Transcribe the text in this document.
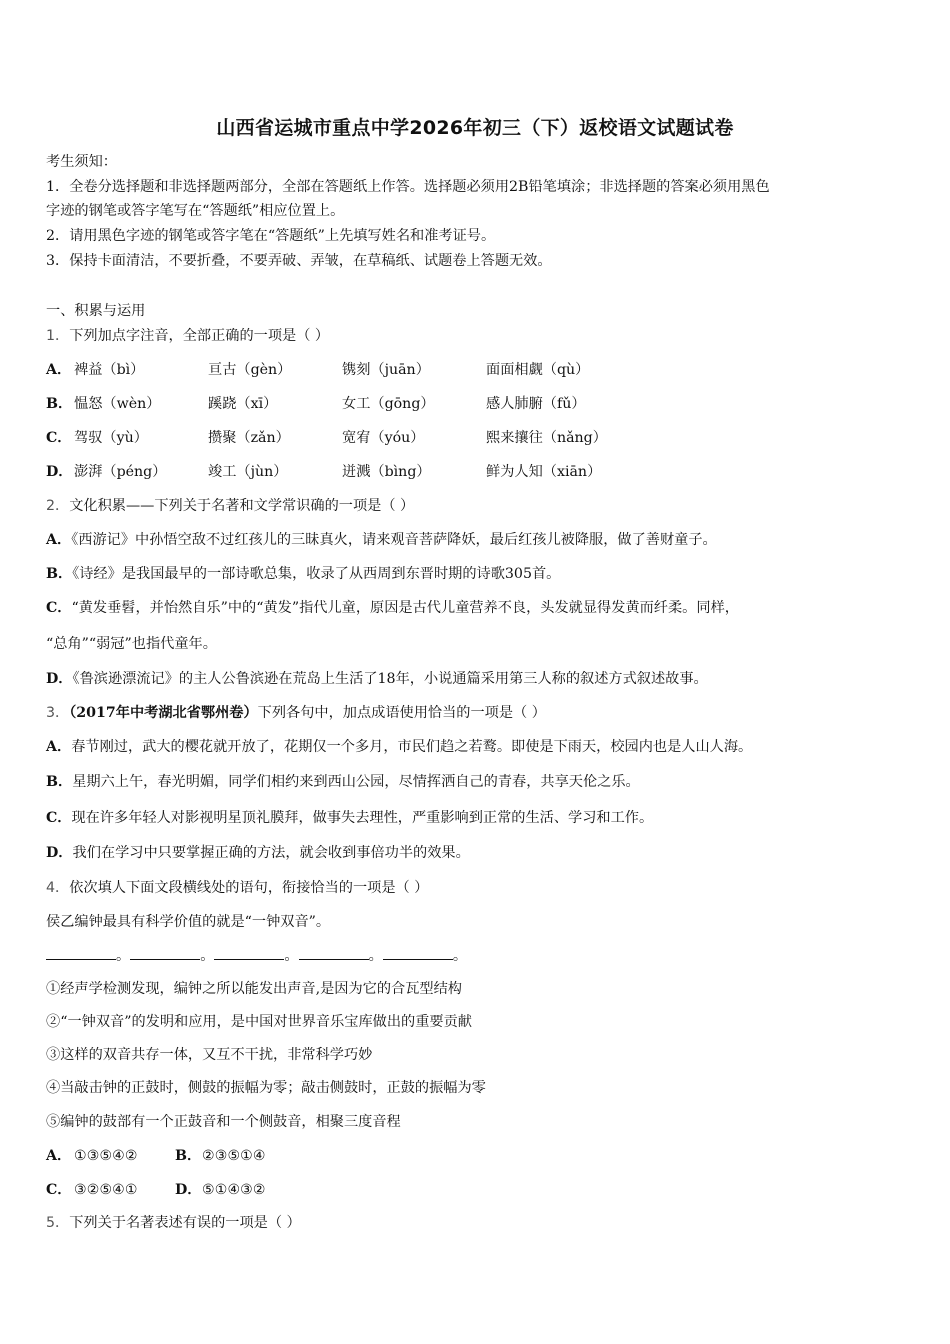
山西省运城市重点中学2026年初三（下）返校语文试题试卷
考生须知：
1．全卷分选择题和非选择题两部分，全部在答题纸上作答。选择题必须用2B铅笔填涂；非选择题的答案必须用黑色
字迹的钢笔或答字笔写在“答题纸”相应位置上。
2．请用黑色字迹的钢笔或答字笔在“答题纸”上先填写姓名和准考证号。
3．保持卡面清洁，不要折叠，不要弄破、弄皱，在草稿纸、试题卷上答题无效。
一、积累与运用
1．下列加点字注音，全部正确的一项是（ ）
A． 裨益（bì）	亘古（gèn）	镌刻（juān）	面面相觑（qù）
B． 愠怒（wèn）	蹊跷（xī）	女工（gōng）	感人肺腑（fǔ）
C． 驾驭（yù）	攒聚（zǎn）	宽宥（yóu）	熙来攘往（nǎng）
D． 澎湃（péng）	竣工（jùn）	迸溅（bìng）	鲜为人知（xiān）
2．文化积累——下列关于名著和文学常识确的一项是（ ）
A．《西游记》中孙悟空敌不过红孩儿的三昧真火，请来观音菩萨降妖，最后红孩儿被降服，做了善财童子。
B．《诗经》是我国最早的一部诗歌总集，收录了从西周到东晋时期的诗歌305首。
C．“黄发垂髫，并怡然自乐”中的“黄发”指代儿童，原因是古代儿童营养不良，头发就显得发黄而纤柔。同样，
“总角”“弱冠”也指代童年。
D．《鲁滨逊漂流记》的主人公鲁滨逊在荒岛上生活了18年，小说通篇采用第三人称的叙述方式叙述故事。
3．（2017年中考湖北省鄂州卷）下列各句中，加点成语使用恰当的一项是（ ）
A．春节刚过，武大的樱花就开放了，花期仅一个多月，市民们趋之若鹜。即使是下雨天，校园内也是人山人海。
B．星期六上午，春光明媚，同学们相约来到西山公园，尽情挥洒自己的青春，共享天伦之乐。
C．现在许多年轻人对影视明星顶礼膜拜，做事失去理性，严重影响到正常的生活、学习和工作。
D．我们在学习中只要掌握正确的方法，就会收到事倍功半的效果。
4．依次填人下面文段横线处的语句，衔接恰当的一项是（ ）
侯乙编钟最具有科学价值的就是“一钟双音”。
。	。	。	。	。
①经声学检测发现，编钟之所以能发出声音,是因为它的合瓦型结构
②“一钟双音”的发明和应用，是中国对世界音乐宝库做出的重要贡献
③这样的双音共存一体，又互不干扰，非常科学巧妙
④当敲击钟的正鼓时，侧鼓的振幅为零；敲击侧鼓时，正鼓的振幅为零
⑤编钟的鼓部有一个正鼓音和一个侧鼓音，相聚三度音程
A． ①③⑤④②	B． ②③⑤①④
C． ③②⑤④①	D． ⑤①④③②
5．下列关于名著表述有误的一项是（ ）
